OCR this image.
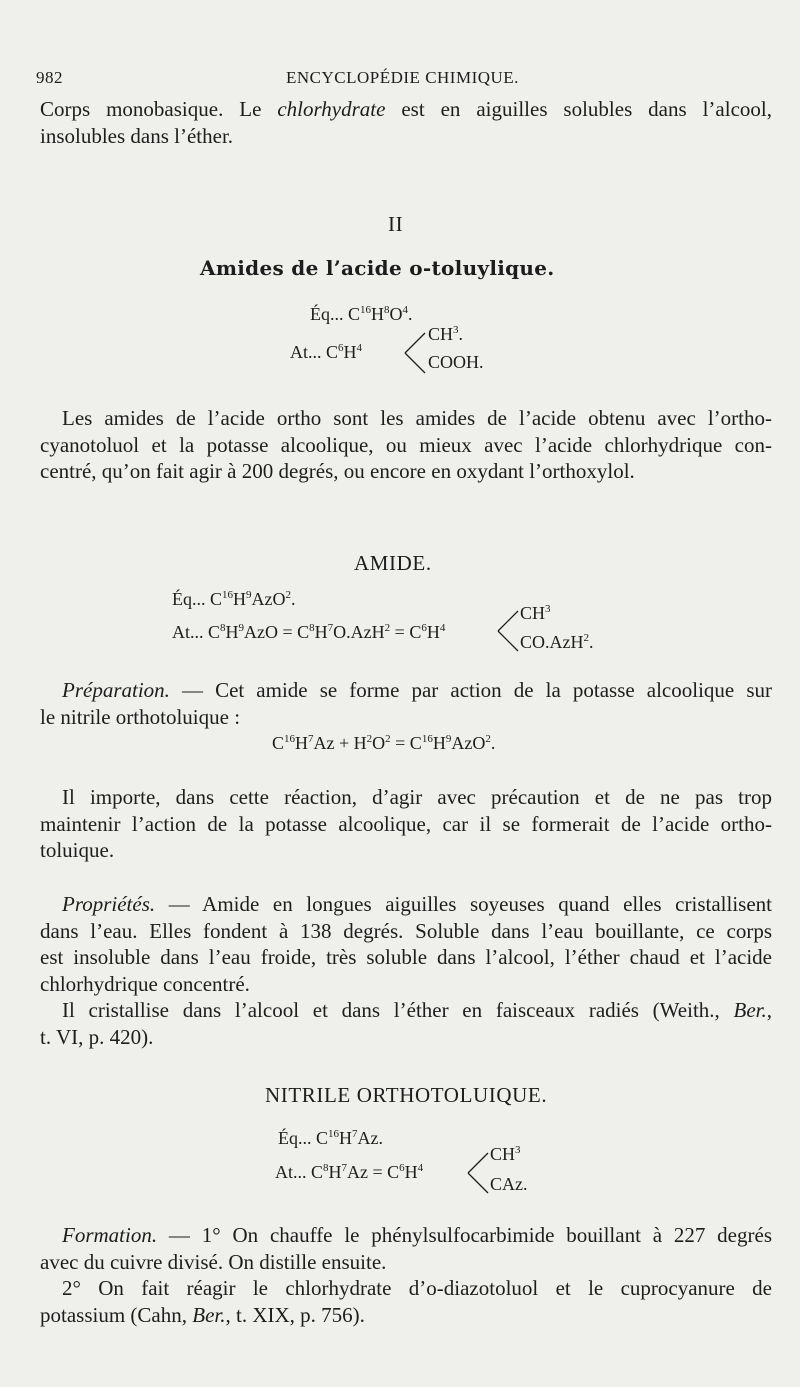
982	ENCYCLOPÉDIE CHIMIQUE.
Corps monobasique. Le chlorhydrate est en aiguilles solubles dans l’alcool,
insolubles dans l’éther.
II
Amides de l’acide o-toluylique.
Éq... $C^{16}H^8O^4$.
At... $C^6H^4$
$CH^3$.
COOH.
Les amides de l’acide ortho sont les amides de l’acide obtenu avec l’ortho-
cyanotoluol et la potasse alcoolique, ou mieux avec l’acide chlorhydrique con-
centré, qu’on fait agir à 200 degrés, ou encore en oxydant l’orthoxylol.
AMIDE.
Éq... $C^{16}H^9AzO^2$.
At... $C^8H^9AzO = C^8H^7O.AzH^2 = C^6H^4$
$CH^3$
CO.AzH$^2$.
Préparation. — Cet amide se forme par action de la potasse alcoolique sur
le nitrile orthotoluique :
$C^{16}H^7Az + H^2O^2 = C^{16}H^9AzO^2$.
Il importe, dans cette réaction, d’agir avec précaution et de ne pas trop
maintenir l’action de la potasse alcoolique, car il se formerait de l’acide ortho-
toluique.
Propriétés. — Amide en longues aiguilles soyeuses quand elles cristallisent
dans l’eau. Elles fondent à 138 degrés. Soluble dans l’eau bouillante, ce corps
est insoluble dans l’eau froide, très soluble dans l’alcool, l’éther chaud et l’acide
chlorhydrique concentré.
Il cristallise dans l’alcool et dans l’éther en faisceaux radiés (Weith., Ber.,
t. VI, p. 420).
NITRILE ORTHOTOLUIQUE.
Éq... $C^{16}H^7Az$.
At... $C^8H^7Az = C^6H^4$
$CH^3$
CAz.
Formation. — 1° On chauffe le phénylsulfocarbimide bouillant à 227 degrés
avec du cuivre divisé. On distille ensuite.
2° On fait réagir le chlorhydrate d’o-diazotoluol et le cuprocyanure de
potassium (Cahn, Ber., t. XIX, p. 756).
